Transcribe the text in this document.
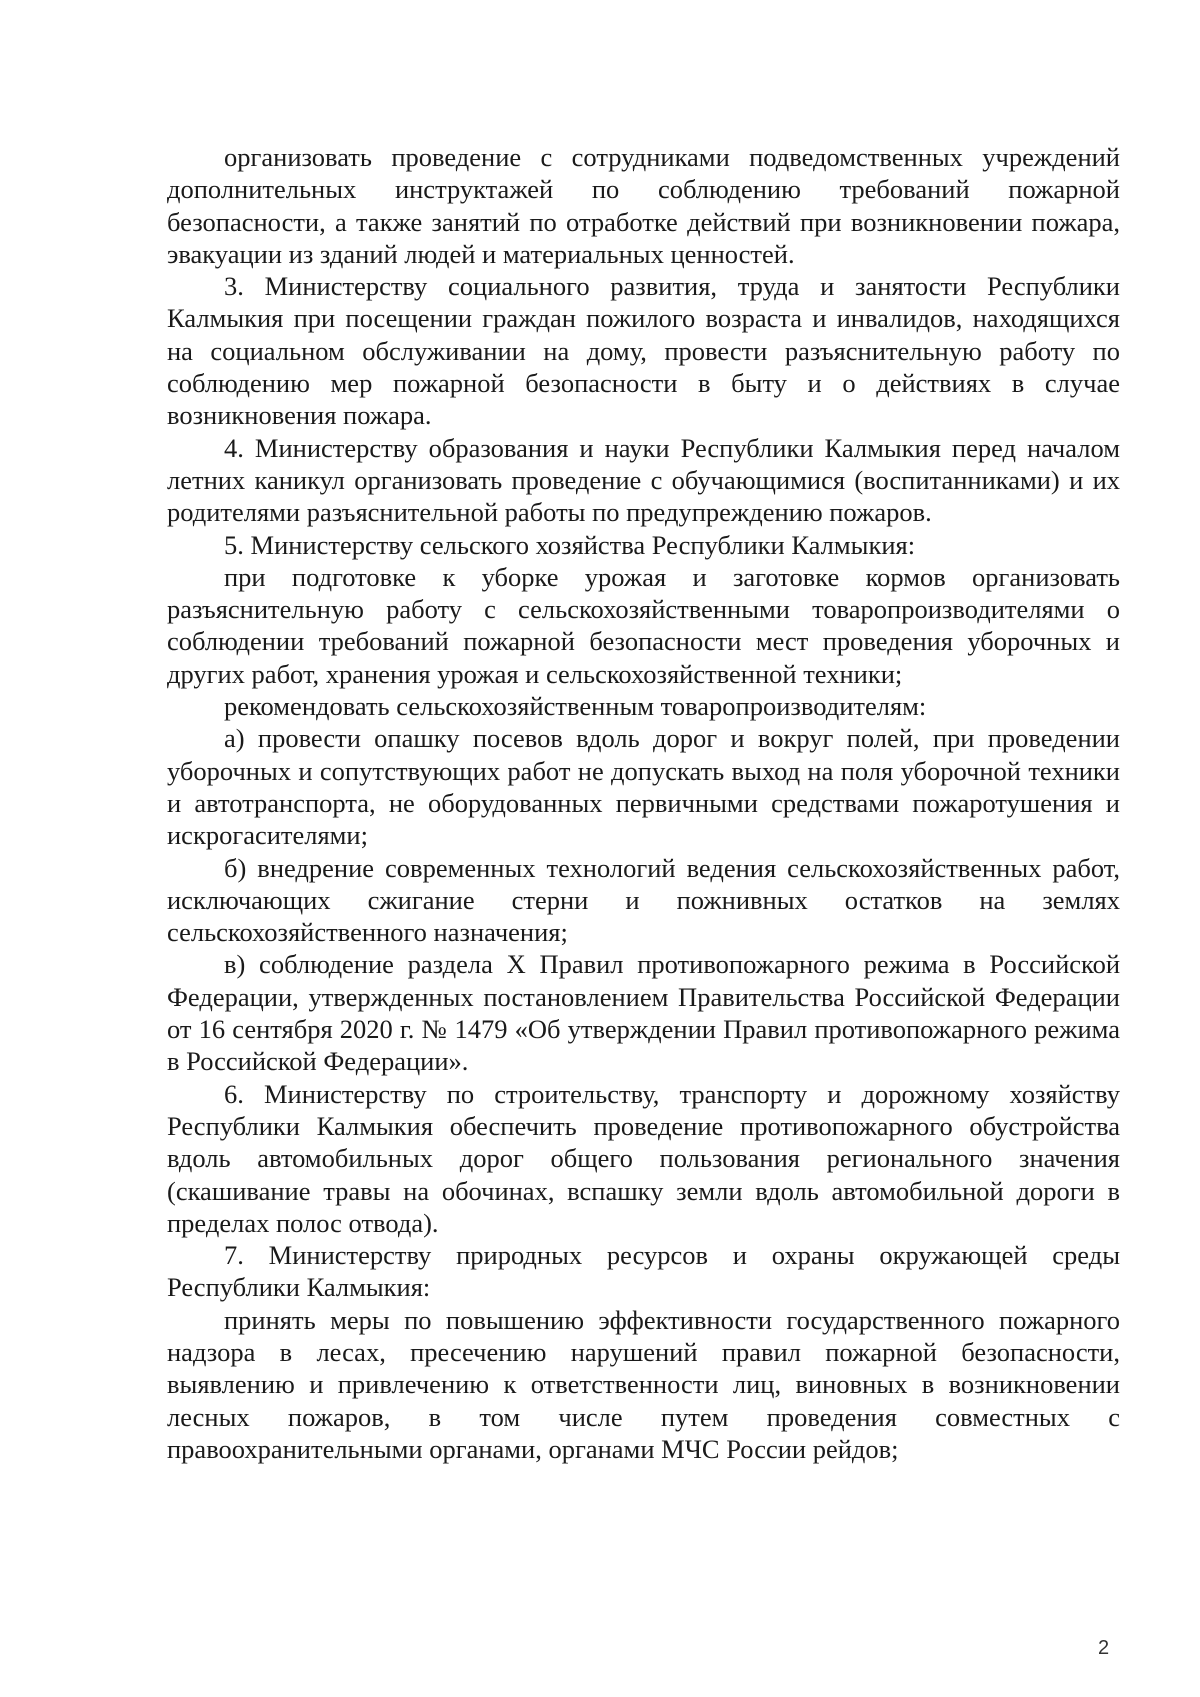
организовать проведение с сотрудниками подведомственных учреждений дополнительных инструктажей по соблюдению требований пожарной безопасности, а также занятий по отработке действий при возникновении пожара, эвакуации из зданий людей и материальных ценностей.

3. Министерству социального развития, труда и занятости Республики Калмыкия при посещении граждан пожилого возраста и инвалидов, находящихся на социальном обслуживании на дому, провести разъяснительную работу по соблюдению мер пожарной безопасности в быту и о действиях в случае возникновения пожара.

4. Министерству образования и науки Республики Калмыкия перед началом летних каникул организовать проведение с обучающимися (воспитанниками) и их родителями разъяснительной работы по предупреждению пожаров.

5. Министерству сельского хозяйства Республики Калмыкия:

при подготовке к уборке урожая и заготовке кормов организовать разъяснительную работу с сельскохозяйственными товаропроизводителями о соблюдении требований пожарной безопасности мест проведения уборочных и других работ, хранения урожая и сельскохозяйственной техники;

рекомендовать сельскохозяйственным товаропроизводителям:

а) провести опашку посевов вдоль дорог и вокруг полей, при проведении уборочных и сопутствующих работ не допускать выход на поля уборочной техники и автотранспорта, не оборудованных первичными средствами пожаротушения и искрогасителями;

б) внедрение современных технологий ведения сельскохозяйственных работ, исключающих сжигание стерни и пожнивных остатков на землях сельскохозяйственного назначения;

в) соблюдение раздела X Правил противопожарного режима в Российской Федерации, утвержденных постановлением Правительства Российской Федерации от 16 сентября 2020 г. № 1479 «Об утверждении Правил противопожарного режима в Российской Федерации».

6. Министерству по строительству, транспорту и дорожному хозяйству Республики Калмыкия обеспечить проведение противопожарного обустройства вдоль автомобильных дорог общего пользования регионального значения (скашивание травы на обочинах, вспашку земли вдоль автомобильной дороги в пределах полос отвода).

7. Министерству природных ресурсов и охраны окружающей среды Республики Калмыкия:

принять меры по повышению эффективности государственного пожарного надзора в лесах, пресечению нарушений правил пожарной безопасности, выявлению и привлечению к ответственности лиц, виновных в возникновении лесных пожаров, в том числе путем проведения совместных с правоохранительными органами, органами МЧС России рейдов;

2
